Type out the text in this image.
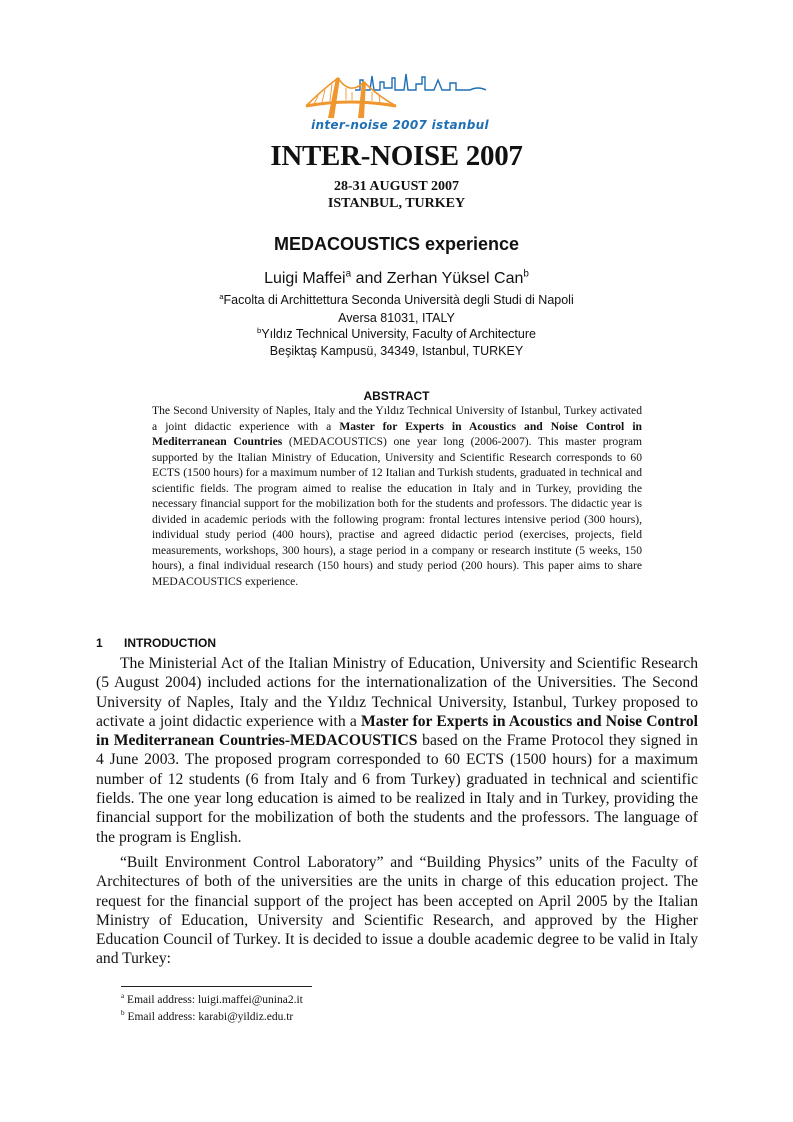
inter-noise 2007 istanbul
INTER-NOISE 2007
28-31 AUGUST 2007
ISTANBUL, TURKEY
MEDACOUSTICS experience
Luigi Maffei$^a$ and Zerhan Yüksel Can$^b$
$^a$Facolta di Archittettura Seconda Università degli Studi di Napoli
Aversa 81031, ITALY
$^b$Yıldız Technical University, Faculty of Architecture
Beşiktaş Kampusü, 34349, Istanbul, TURKEY
ABSTRACT

The Second University of Naples, Italy and the Yıldız Technical University of Istanbul, Turkey activated a joint didactic experience with a Master for Experts in Acoustics and Noise Control in Mediterranean Countries (MEDACOUSTICS) one year long (2006-2007). This master program supported by the Italian Ministry of Education, University and Scientific Research corresponds to 60 ECTS (1500 hours) for a maximum number of 12 Italian and Turkish students, graduated in technical and scientific fields. The program aimed to realise the education in Italy and in Turkey, providing the necessary financial support for the mobilization both for the students and professors. The didactic year is divided in academic periods with the following program: frontal lectures intensive period (300 hours), individual study period (400 hours), practise and agreed didactic period (exercises, projects, field measurements, workshops, 300 hours), a stage period in a company or research institute (5 weeks, 150 hours), a final individual research (150 hours) and study period (200 hours). This paper aims to share MEDACOUSTICS experience.

1 INTRODUCTION

The Ministerial Act of the Italian Ministry of Education, University and Scientific Research (5 August 2004) included actions for the internationalization of the Universities. The Second University of Naples, Italy and the Yıldız Technical University, Istanbul, Turkey proposed to activate a joint didactic experience with a Master for Experts in Acoustics and Noise Control in Mediterranean Countries-MEDACOUSTICS based on the Frame Protocol they signed in 4 June 2003. The proposed program corresponded to 60 ECTS (1500 hours) for a maximum number of 12 students (6 from Italy and 6 from Turkey) graduated in technical and scientific fields. The one year long education is aimed to be realized in Italy and in Turkey, providing the financial support for the mobilization of both the students and the professors. The language of the program is English.

“Built Environment Control Laboratory” and “Building Physics” units of the Faculty of Architectures of both of the universities are the units in charge of this education project. The request for the financial support of the project has been accepted on April 2005 by the Italian Ministry of Education, University and Scientific Research, and approved by the Higher Education Council of Turkey. It is decided to issue a double academic degree to be valid in Italy and Turkey:

$^a$ Email address: luigi.maffei@unina2.it
$^b$ Email address: karabi@yildiz.edu.tr
